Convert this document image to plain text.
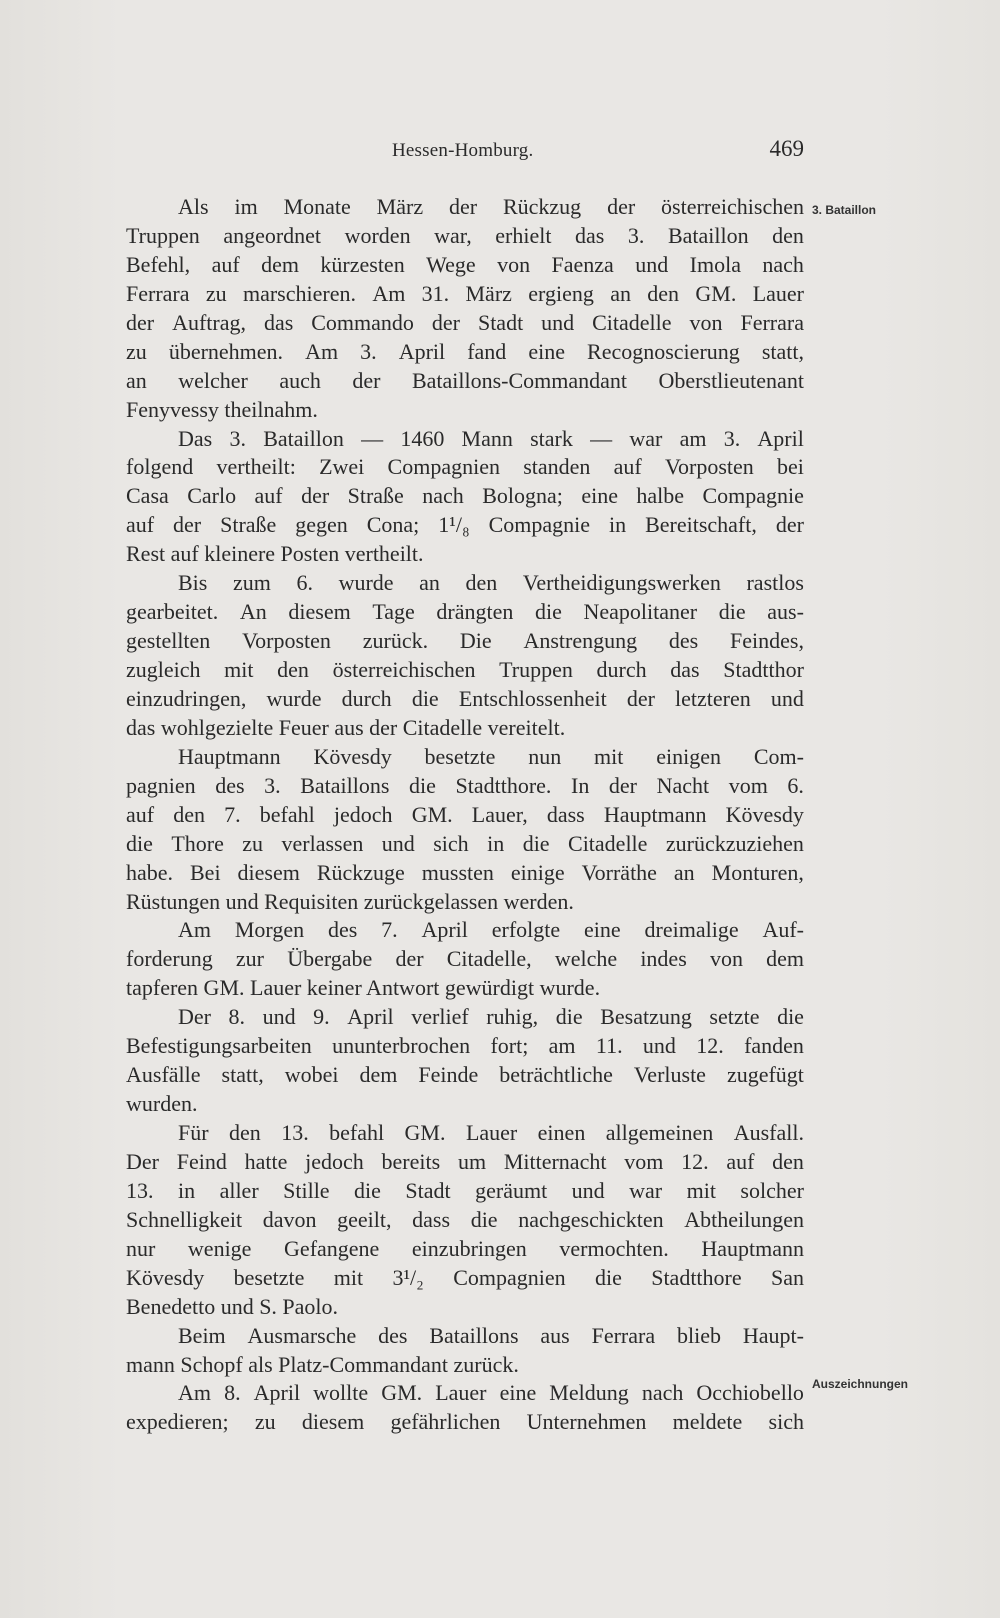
Hessen-Homburg.	469
3. Bataillon
Auszeichnungen
Als im Monate März der Rückzug der österreichischen
Truppen angeordnet worden war, erhielt das 3. Bataillon den
Befehl, auf dem kürzesten Wege von Faenza und Imola nach
Ferrara zu marschieren. Am 31. März ergieng an den GM. Lauer
der Auftrag, das Commando der Stadt und Citadelle von Ferrara
zu übernehmen. Am 3. April fand eine Recognoscierung statt,
an welcher auch der Bataillons-Commandant Oberstlieutenant
Fenyvessy theilnahm.
Das 3. Bataillon — 1460 Mann stark — war am 3. April
folgend vertheilt: Zwei Compagnien standen auf Vorposten bei
Casa Carlo auf der Straße nach Bologna; eine halbe Compagnie
auf der Straße gegen Cona; 1¹/₈ Compagnie in Bereitschaft, der
Rest auf kleinere Posten vertheilt.
Bis zum 6. wurde an den Vertheidigungswerken rastlos
gearbeitet. An diesem Tage drängten die Neapolitaner die aus-
gestellten Vorposten zurück. Die Anstrengung des Feindes,
zugleich mit den österreichischen Truppen durch das Stadtthor
einzudringen, wurde durch die Entschlossenheit der letzteren und
das wohlgezielte Feuer aus der Citadelle vereitelt.
Hauptmann Kövesdy besetzte nun mit einigen Com-
pagnien des 3. Bataillons die Stadtthore. In der Nacht vom 6.
auf den 7. befahl jedoch GM. Lauer, dass Hauptmann Kövesdy
die Thore zu verlassen und sich in die Citadelle zurückzuziehen
habe. Bei diesem Rückzuge mussten einige Vorräthe an Monturen,
Rüstungen und Requisiten zurückgelassen werden.
Am Morgen des 7. April erfolgte eine dreimalige Auf-
forderung zur Übergabe der Citadelle, welche indes von dem
tapferen GM. Lauer keiner Antwort gewürdigt wurde.
Der 8. und 9. April verlief ruhig, die Besatzung setzte die
Befestigungsarbeiten ununterbrochen fort; am 11. und 12. fanden
Ausfälle statt, wobei dem Feinde beträchtliche Verluste zugefügt
wurden.
Für den 13. befahl GM. Lauer einen allgemeinen Ausfall.
Der Feind hatte jedoch bereits um Mitternacht vom 12. auf den
13. in aller Stille die Stadt geräumt und war mit solcher
Schnelligkeit davon geeilt, dass die nachgeschickten Abtheilungen
nur wenige Gefangene einzubringen vermochten. Hauptmann
Kövesdy besetzte mit 3¹/₂ Compagnien die Stadtthore San
Benedetto und S. Paolo.
Beim Ausmarsche des Bataillons aus Ferrara blieb Haupt-
mann Schopf als Platz-Commandant zurück.
Am 8. April wollte GM. Lauer eine Meldung nach Occhiobello
expedieren; zu diesem gefährlichen Unternehmen meldete sich
